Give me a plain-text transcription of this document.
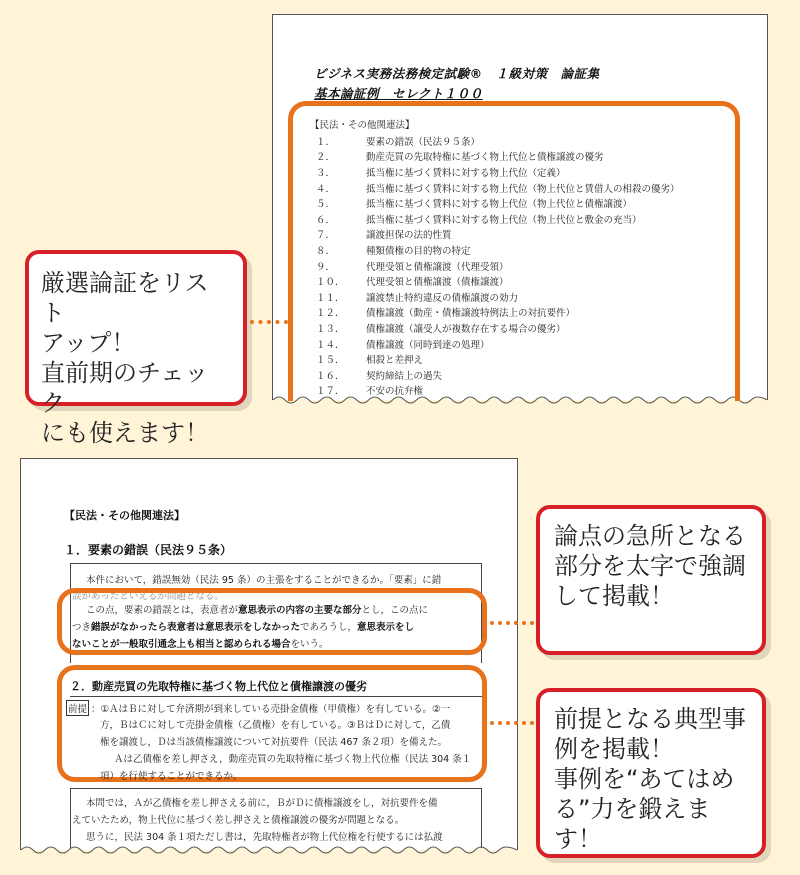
ビジネス実務法務検定試験®　１級対策　論証集
基本論証例　セレクト１００
【民法・その他関連法】
１．	要素の錯誤（民法９５条）
２．	動産売買の先取特権に基づく物上代位と債権譲渡の優劣
３．	抵当権に基づく賃料に対する物上代位（定義）
４．	抵当権に基づく賃料に対する物上代位（物上代位と賃借人の相殺の優劣）
５．	抵当権に基づく賃料に対する物上代位（物上代位と債権譲渡）
６．	抵当権に基づく賃料に対する物上代位（物上代位と敷金の充当）
７．	譲渡担保の法的性質
８．	種類債権の目的物の特定
９．	代理受領と債権譲渡（代理受領）
１０．	代理受領と債権譲渡（債権譲渡）
１１．	譲渡禁止特約違反の債権譲渡の効力
１２．	債権譲渡（動産・債権譲渡特例法上の対抗要件）
１３．	債権譲渡（譲受人が複数存在する場合の優劣）
１４．	債権譲渡（同時到達の処理）
１５．	相殺と差押え
１６．	契約締結上の過失
１７．	不安の抗弁権
厳選論証をリスト
アップ！
直前期のチェック
にも使えます！
【民法・その他関連法】
１．要素の錯誤（民法９５条）
本件において，錯誤無効（民法 95 条）の主張をすることができるか。「要素」に錯
誤があったといえるか問題となる。
この点，要素の錯誤とは，表意者が意思表示の内容の主要な部分とし，この点に
つき錯誤がなかったら表意者は意思表示をしなかったであろうし，意思表示をし
ないことが一般取引通念上も相当と認められる場合をいう。
２．動産売買の先取特権に基づく物上代位と債権譲渡の優劣
前提 ：①ＡはＢに対して弁済期が到来している売掛金債権（甲債権）を有している。②一
方，ＢはＣに対して売掛金債権（乙債権）を有している。③ＢはＤに対して，乙債
権を譲渡し，Ｄは当該債権譲渡について対抗要件（民法 467 条２項）を備えた。
Ａは乙債権を差し押さえ，動産売買の先取特権に基づく物上代位権（民法 304 条１
項）を行使することができるか。
本問では，Ａが乙債権を差し押さえる前に，ＢがＤに債権譲渡をし，対抗要件を備
えていたため，物上代位に基づく差し押さえと債権譲渡の優劣が問題となる。
思うに，民法 304 条１項ただし書は，先取特権者が物上代位権を行使するには払渡
論点の急所となる
部分を太字で強調
して掲載！
前提となる典型事
例を掲載！
事例を“あてはめ
る”力を鍛えます！
